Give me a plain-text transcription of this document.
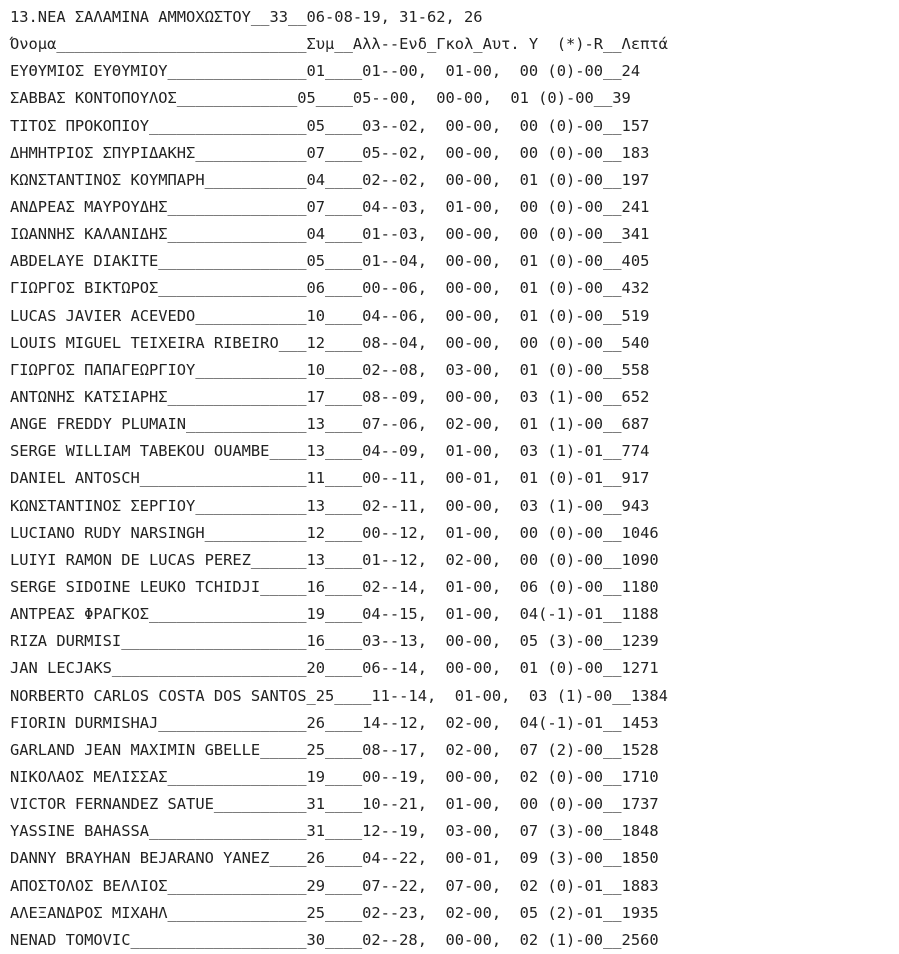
13.ΝΕΑ ΣΑΛΑΜΙΝΑ ΑΜΜΟΧΩΣΤΟΥ__33__06-08-19, 31-62, 26
Όνομα___________________________Συμ__Αλλ--Ενδ_Γκολ_Αυτ. Υ  (*)-R__Λεπτά
ΕΥΘΥΜΙΟΣ ΕΥΘΥΜΙΟΥ_______________01____01--00,  01-00,  00 (0)-00__24
ΣΑΒΒΑΣ ΚΟΝΤΟΠΟΥΛΟΣ_____________05____05--00,  00-00,  01 (0)-00__39
ΤΙΤΟΣ ΠΡΟΚΟΠΙΟΥ_________________05____03--02,  00-00,  00 (0)-00__157
ΔΗΜΗΤΡΙΟΣ ΣΠΥΡΙΔΑΚΗΣ____________07____05--02,  00-00,  00 (0)-00__183
ΚΩΝΣΤΑΝΤΙΝΟΣ ΚΟΥΜΠΑΡΗ___________04____02--02,  00-00,  01 (0)-00__197
ΑΝΔΡΕΑΣ ΜΑΥΡΟΥΔΗΣ_______________07____04--03,  01-00,  00 (0)-00__241
ΙΩΑΝΝΗΣ ΚΑΛΑΝΙΔΗΣ_______________04____01--03,  00-00,  00 (0)-00__341
ABDELAYE DIAKITE________________05____01--04,  00-00,  01 (0)-00__405
ΓΙΩΡΓΟΣ ΒΙΚΤΩΡΟΣ________________06____00--06,  00-00,  01 (0)-00__432
LUCAS JAVIER ACEVEDO____________10____04--06,  00-00,  01 (0)-00__519
LOUIS MIGUEL TEIXEIRA RIBEIRO___12____08--04,  00-00,  00 (0)-00__540
ΓΙΩΡΓΟΣ ΠΑΠΑΓΕΩΡΓΙΟΥ____________10____02--08,  03-00,  01 (0)-00__558
ΑΝΤΩΝΗΣ ΚΑΤΣΙΑΡΗΣ_______________17____08--09,  00-00,  03 (1)-00__652
ANGE FREDDY PLUMAIN_____________13____07--06,  02-00,  01 (1)-00__687
SERGE WILLIAM TABEKOU OUAMBE____13____04--09,  01-00,  03 (1)-01__774
DANIEL ANTOSCH__________________11____00--11,  00-01,  01 (0)-01__917
ΚΩΝΣΤΑΝΤΙΝΟΣ ΣΕΡΓΙΟΥ____________13____02--11,  00-00,  03 (1)-00__943
LUCIANO RUDY NARSINGH___________12____00--12,  01-00,  00 (0)-00__1046
LUIYI RAMON DE LUCAS PEREZ______13____01--12,  02-00,  00 (0)-00__1090
SERGE SIDOINE LEUKO TCHIDJI_____16____02--14,  01-00,  06 (0)-00__1180
ΑΝΤΡΕΑΣ ΦΡΑΓΚΟΣ_________________19____04--15,  01-00,  04(-1)-01__1188
RIZA DURMISI____________________16____03--13,  00-00,  05 (3)-00__1239
JAN LECJAKS_____________________20____06--14,  00-00,  01 (0)-00__1271
NORBERTO CARLOS COSTA DOS SANTOS_25____11--14,  01-00,  03 (1)-00__1384
FIORIN DURMISHAJ________________26____14--12,  02-00,  04(-1)-01__1453
GARLAND JEAN MAXIMIN GBELLE_____25____08--17,  02-00,  07 (2)-00__1528
ΝΙΚΟΛΑΟΣ ΜΕΛΙΣΣΑΣ_______________19____00--19,  00-00,  02 (0)-00__1710
VICTOR FERNANDEZ SATUE__________31____10--21,  01-00,  00 (0)-00__1737
YASSINE BAHASSA_________________31____12--19,  03-00,  07 (3)-00__1848
DANNY BRAYHAN BEJARANO YANEZ____26____04--22,  00-01,  09 (3)-00__1850
ΑΠΟΣΤΟΛΟΣ ΒΕΛΛΙΟΣ_______________29____07--22,  07-00,  02 (0)-01__1883
ΑΛΕΞΑΝΔΡΟΣ ΜΙΧΑΗΛ_______________25____02--23,  02-00,  05 (2)-01__1935
NENAD TOMOVIC___________________30____02--28,  00-00,  02 (1)-00__2560
